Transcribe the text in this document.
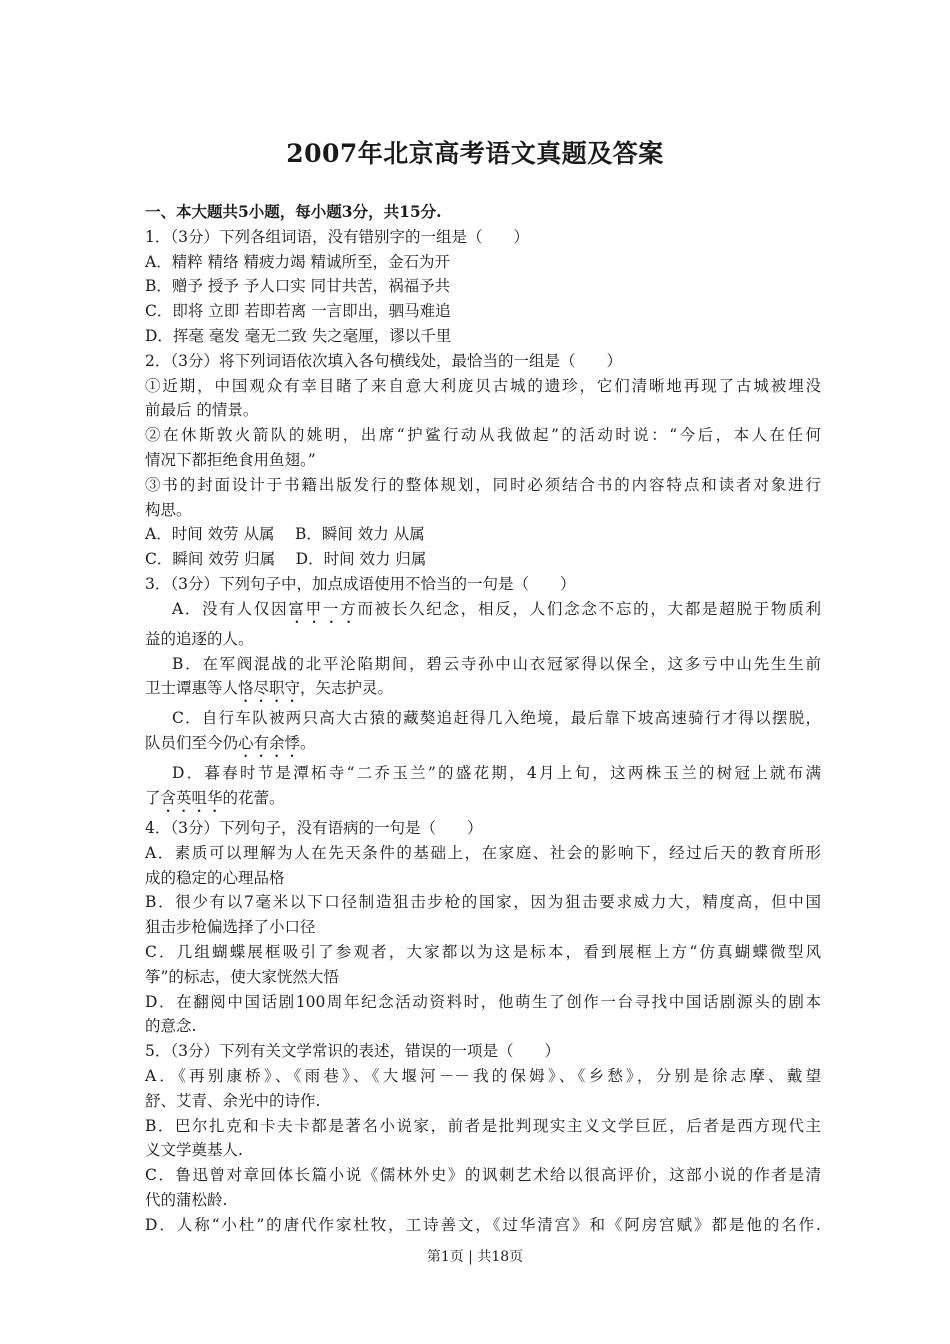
2007年北京高考语文真题及答案

一、本大题共5小题，每小题3分，共15分.

1．（3分）下列各组词语，没有错别字的一组是（　　）

A．精粹 精络 精疲力竭 精诚所至，金石为开

B．赠予 授予 予人口实 同甘共苦，祸福予共

C．即将 立即 若即若离 一言即出，驷马难追

D．挥毫 毫发 毫无二致 失之毫厘，谬以千里

2．（3分）将下列词语依次填入各句横线处，最恰当的一组是（　　）

①近期，中国观众有幸目睹了来自意大利庞贝古城的遗珍，它们清晰地再现了古城被埋没

前最后 的情景。

②在休斯敦火箭队的姚明，出席“护鲨行动从我做起”的活动时说：“今后，本人在任何

情况下都拒绝食用鱼翅。”

③书的封面设计于书籍出版发行的整体规划，同时必须结合书的内容特点和读者对象进行

构思。

A．时间 效劳 从属　 B．瞬间 效力 从属

C．瞬间 效劳 归属　 D．时间 效力 归属

3．（3分）下列句子中，加点成语使用不恰当的一句是（　　）

A．没有人仅因富甲一方而被长久纪念，相反，人们念念不忘的，大都是超脱于物质利

益的追逐的人。

B．在军阀混战的北平沦陷期间，碧云寺孙中山衣冠冢得以保全，这多亏中山先生生前

卫士谭惠等人恪尽职守，矢志护灵。

C．自行车队被两只高大古猿的藏獒追赶得几入绝境，最后靠下坡高速骑行才得以摆脱，

队员们至今仍心有余悸。

D．暮春时节是潭柘寺“二乔玉兰”的盛花期，4月上旬，这两株玉兰的树冠上就布满

了含英咀华的花蕾。

4．（3分）下列句子，没有语病的一句是（　　）

A．素质可以理解为人在先天条件的基础上，在家庭、社会的影响下，经过后天的教育所形

成的稳定的心理品格

B．很少有以7毫米以下口径制造狙击步枪的国家，因为狙击要求威力大，精度高，但中国

狙击步枪偏选择了小口径

C．几组蝴蝶展框吸引了参观者，大家都以为这是标本，看到展框上方“仿真蝴蝶微型风

筝”的标志，使大家恍然大悟

D．在翻阅中国话剧100周年纪念活动资料时，他萌生了创作一台寻找中国话剧源头的剧本

的意念.

5．（3分）下列有关文学常识的表述，错误的一项是（　　）

A．《再别康桥》、《雨巷》、《大堰河－－我的保姆》、《乡愁》，分别是徐志摩、戴望

舒、艾青、余光中的诗作.

B．巴尔扎克和卡夫卡都是著名小说家，前者是批判现实主义文学巨匠，后者是西方现代主

义文学奠基人.

C．鲁迅曾对章回体长篇小说《儒林外史》的讽刺艺术给以很高评价，这部小说的作者是清

代的蒲松龄.

D．人称“小杜”的唐代作家杜牧，工诗善文，《过华清宫》和《阿房宫赋》都是他的名作.

第1页 | 共18页
